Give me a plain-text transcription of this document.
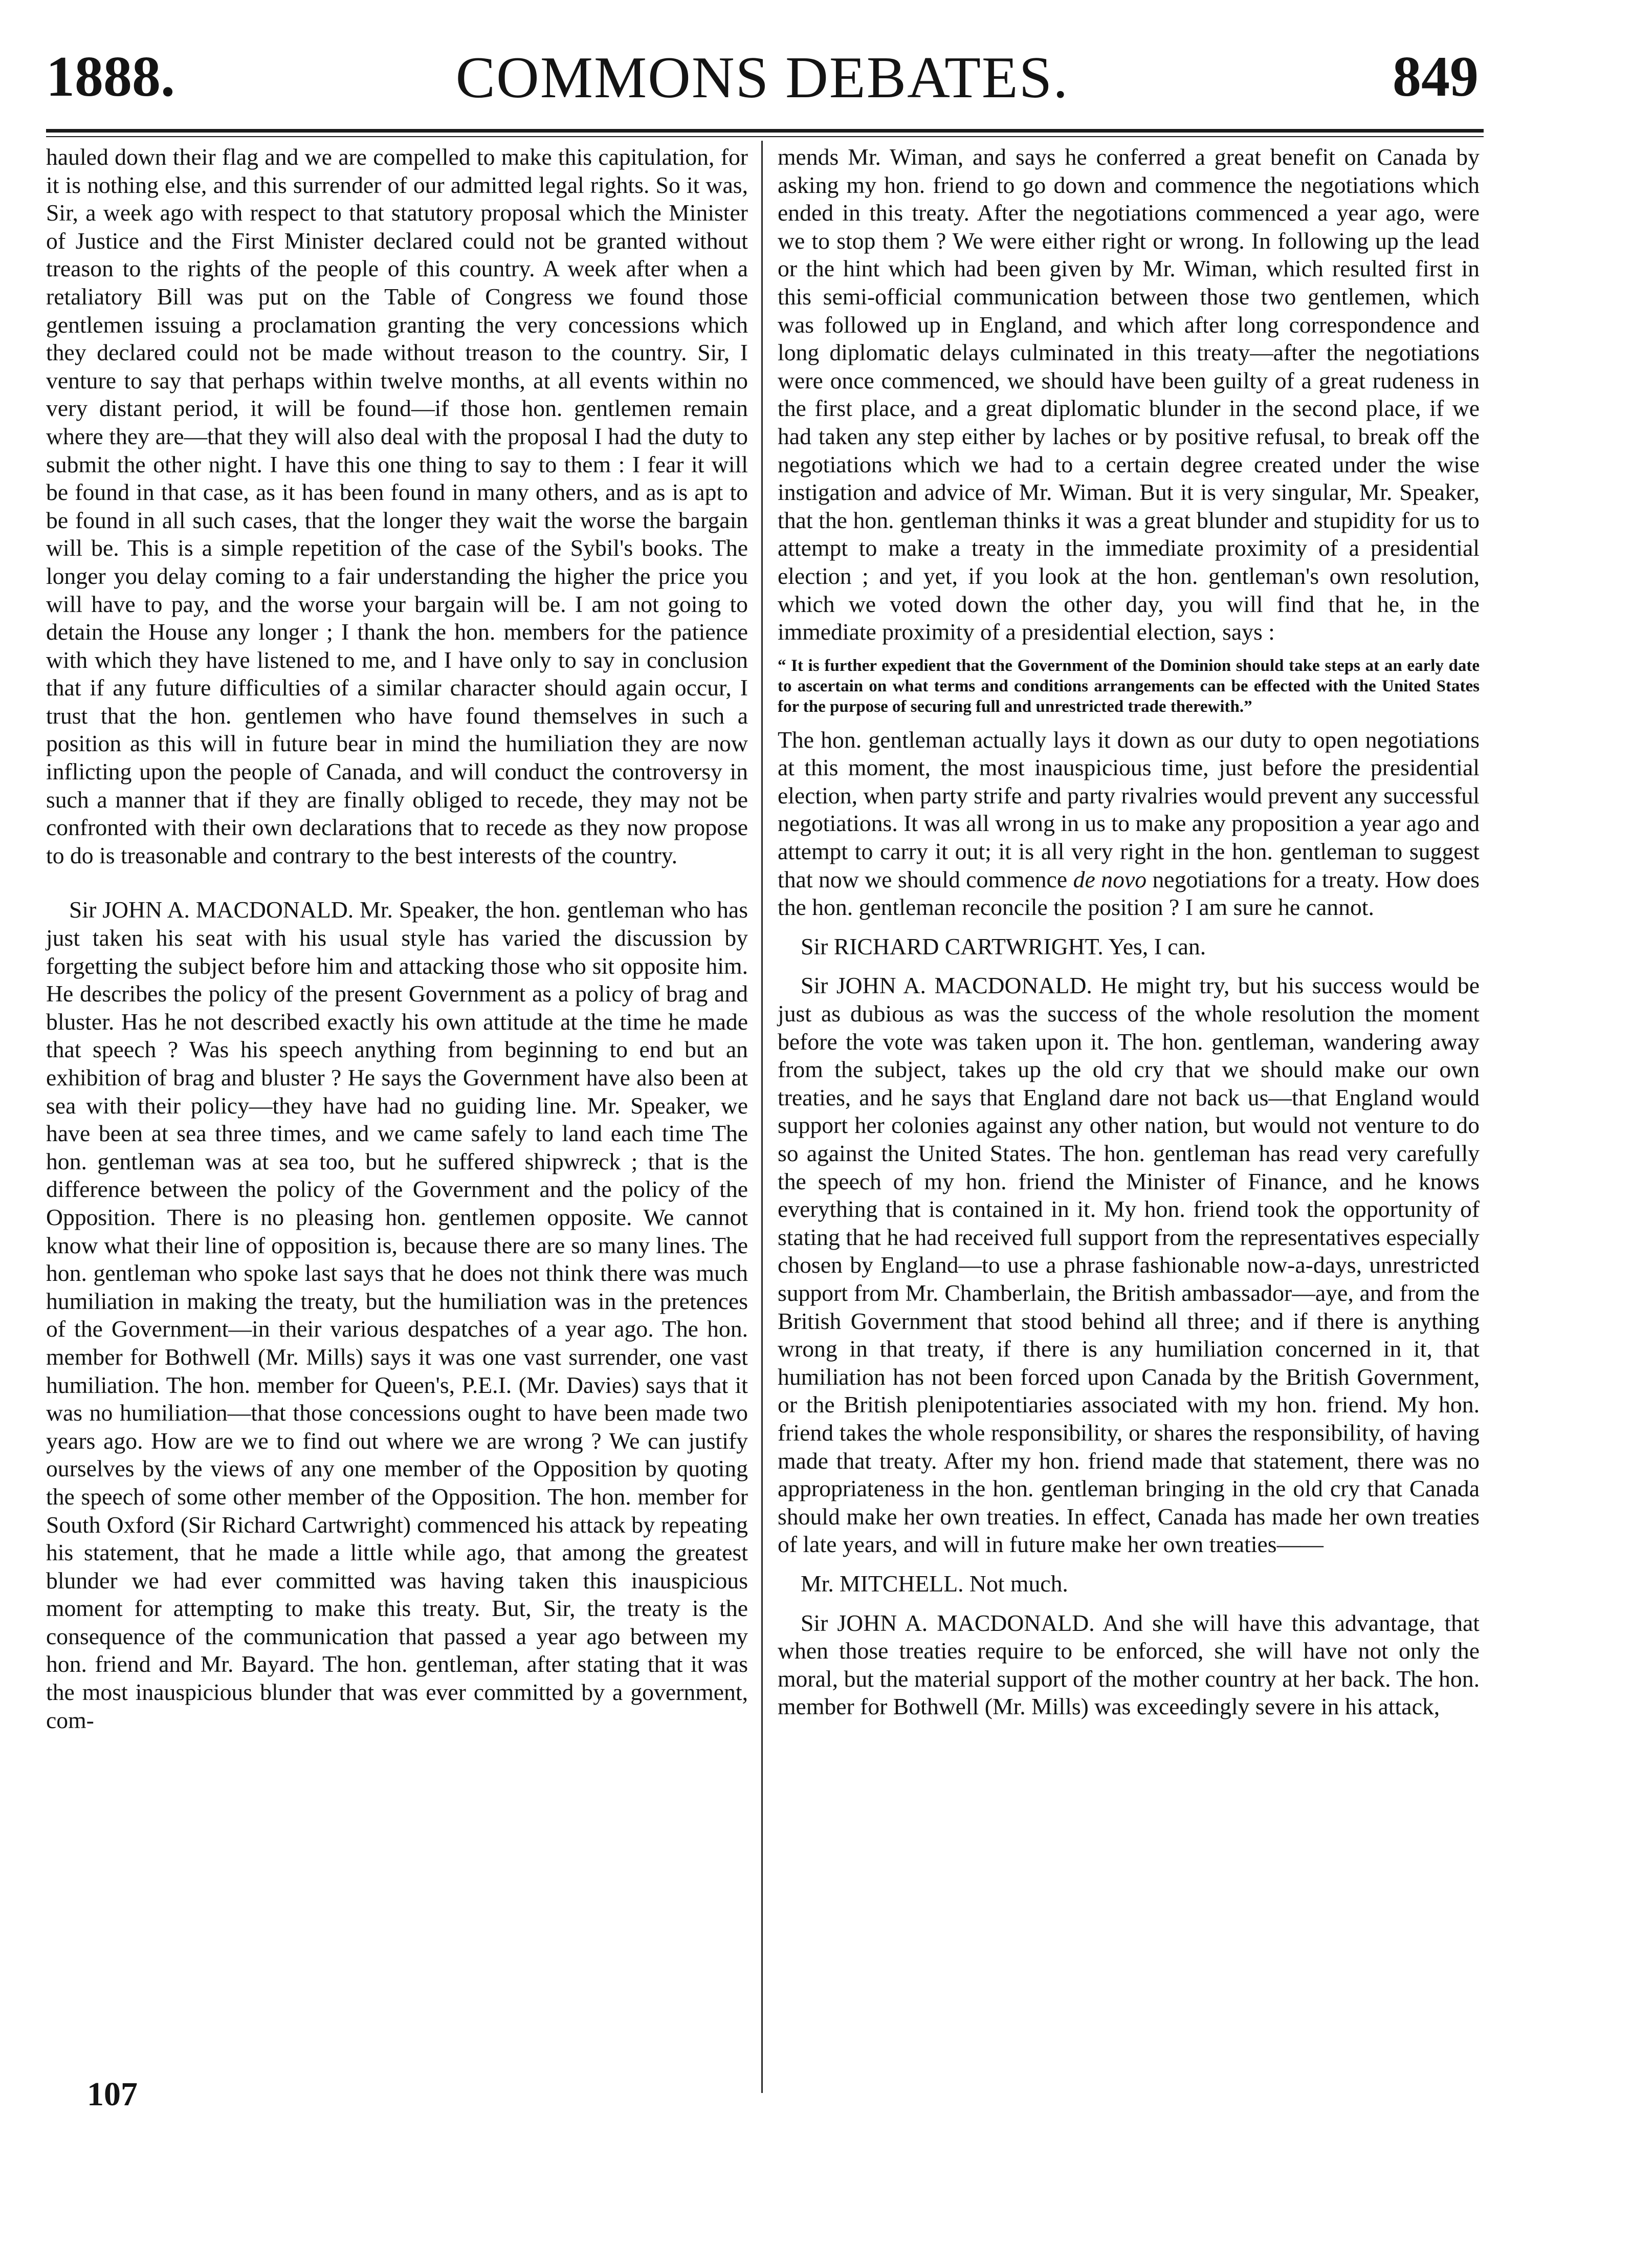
1888.	COMMONS DEBATES.	849

hauled down their flag and we are compelled to make this capitulation, for it is nothing else, and this surrender of our admitted legal rights. So it was, Sir, a week ago with respect to that statutory proposal which the Minister of Justice and the First Minister declared could not be granted without treason to the rights of the people of this country. A week after when a retaliatory Bill was put on the Table of Congress we found those gentlemen issuing a proclamation granting the very concessions which they declared could not be made without treason to the country. Sir, I venture to say that perhaps within twelve months, at all events within no very distant period, it will be found—if those hon. gentlemen remain where they are—that they will also deal with the proposal I had the duty to submit the other night. I have this one thing to say to them : I fear it will be found in that case, as it has been found in many others, and as is apt to be found in all such cases, that the longer they wait the worse the bargain will be. This is a simple repetition of the case of the Sybil's books. The longer you delay coming to a fair understanding the higher the price you will have to pay, and the worse your bargain will be. I am not going to detain the House any longer ; I thank the hon. members for the patience with which they have listened to me, and I have only to say in conclusion that if any future difficulties of a similar character should again occur, I trust that the hon. gentlemen who have found themselves in such a position as this will in future bear in mind the humiliation they are now inflicting upon the people of Canada, and will conduct the controversy in such a manner that if they are finally obliged to recede, they may not be confronted with their own declarations that to recede as they now propose to do is treasonable and contrary to the best interests of the country.

Sir JOHN A. MACDONALD. Mr. Speaker, the hon. gentleman who has just taken his seat with his usual style has varied the discussion by forgetting the subject before him and attacking those who sit opposite him. He describes the policy of the present Government as a policy of brag and bluster. Has he not described exactly his own attitude at the time he made that speech ? Was his speech anything from beginning to end but an exhibition of brag and bluster ? He says the Government have also been at sea with their policy—they have had no guiding line. Mr. Speaker, we have been at sea three times, and we came safely to land each time The hon. gentleman was at sea too, but he suffered shipwreck ; that is the difference between the policy of the Government and the policy of the Opposition. There is no pleasing hon. gentlemen opposite. We cannot know what their line of opposition is, because there are so many lines. The hon. gentleman who spoke last says that he does not think there was much humiliation in making the treaty, but the humiliation was in the pretences of the Government—in their various despatches of a year ago. The hon. member for Bothwell (Mr. Mills) says it was one vast surrender, one vast humiliation. The hon. member for Queen's, P.E.I. (Mr. Davies) says that it was no humiliation—that those concessions ought to have been made two years ago. How are we to find out where we are wrong ? We can justify ourselves by the views of any one member of the Opposition by quoting the speech of some other member of the Opposition. The hon. member for South Oxford (Sir Richard Cartwright) commenced his attack by repeating his statement, that he made a little while ago, that among the greatest blunder we had ever committed was having taken this inauspicious moment for attempting to make this treaty. But, Sir, the treaty is the consequence of the communication that passed a year ago between my hon. friend and Mr. Bayard. The hon. gentleman, after stating that it was the most inauspicious blunder that was ever committed by a government, com-

mends Mr. Wiman, and says he conferred a great benefit on Canada by asking my hon. friend to go down and commence the negotiations which ended in this treaty. After the negotiations commenced a year ago, were we to stop them ? We were either right or wrong. In following up the lead or the hint which had been given by Mr. Wiman, which resulted first in this semi-official communication between those two gentlemen, which was followed up in England, and which after long correspondence and long diplomatic delays culminated in this treaty—after the negotiations were once commenced, we should have been guilty of a great rudeness in the first place, and a great diplomatic blunder in the second place, if we had taken any step either by laches or by positive refusal, to break off the negotiations which we had to a certain degree created under the wise instigation and advice of Mr. Wiman. But it is very singular, Mr. Speaker, that the hon. gentleman thinks it was a great blunder and stupidity for us to attempt to make a treaty in the immediate proximity of a presidential election ; and yet, if you look at the hon. gentleman's own resolution, which we voted down the other day, you will find that he, in the immediate proximity of a presidential election, says :

“ It is further expedient that the Government of the Dominion should take steps at an early date to ascertain on what terms and conditions arrangements can be effected with the United States for the purpose of securing full and unrestricted trade therewith.”

The hon. gentleman actually lays it down as our duty to open negotiations at this moment, the most inauspicious time, just before the presidential election, when party strife and party rivalries would prevent any successful negotiations. It was all wrong in us to make any proposition a year ago and attempt to carry it out; it is all very right in the hon. gentleman to suggest that now we should commence de novo negotiations for a treaty. How does the hon. gentleman reconcile the position ? I am sure he cannot.

Sir RICHARD CARTWRIGHT. Yes, I can.

Sir JOHN A. MACDONALD. He might try, but his success would be just as dubious as was the success of the whole resolution the moment before the vote was taken upon it. The hon. gentleman, wandering away from the subject, takes up the old cry that we should make our own treaties, and he says that England dare not back us—that England would support her colonies against any other nation, but would not venture to do so against the United States. The hon. gentleman has read very carefully the speech of my hon. friend the Minister of Finance, and he knows everything that is contained in it. My hon. friend took the opportunity of stating that he had received full support from the representatives especially chosen by England—to use a phrase fashionable now-a-days, unrestricted support from Mr. Chamberlain, the British ambassador—aye, and from the British Government that stood behind all three; and if there is anything wrong in that treaty, if there is any humiliation concerned in it, that humiliation has not been forced upon Canada by the British Government, or the British plenipotentiaries associated with my hon. friend. My hon. friend takes the whole responsibility, or shares the responsibility, of having made that treaty. After my hon. friend made that statement, there was no appropriateness in the hon. gentleman bringing in the old cry that Canada should make her own treaties. In effect, Canada has made her own treaties of late years, and will in future make her own treaties——

Mr. MITCHELL. Not much.

Sir JOHN A. MACDONALD. And she will have this advantage, that when those treaties require to be enforced, she will have not only the moral, but the material support of the mother country at her back. The hon. member for Bothwell (Mr. Mills) was exceedingly severe in his attack,

107
